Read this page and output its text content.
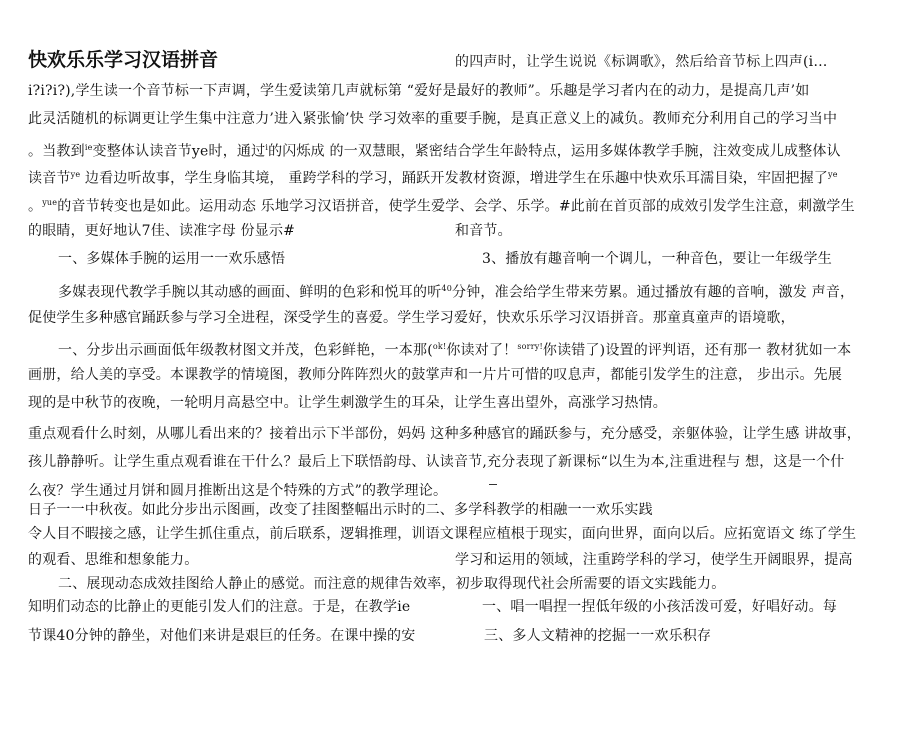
快欢乐乐学习汉语拼音	的四声时，让学生说说《标调歌》，然后给音节标上四声(i…
i?i?i?),学生读一个音节标一下声调，学生爱读第几声就标第 “爱好是最好的教师”。乐趣是学习者内在的动力，是提高几声’如
此灵活随机的标调更让学生集中注意力’进入紧张愉’快 学习效率的重要手腕，是真正意义上的减负。教师充分利用自己的学习当中
。当教到$^{ie}$变整体认读音节ye时，通过$^i$的闪烁成 的一双慧眼，紧密结合学生年龄特点，运用多媒体教学手腕，注效变成儿成整体认
读音节$^{ye}$ 边看边听故事，学生身临其境， 重跨学科的学习，踊跃开发教材资源，增进学生在乐趣中快欢乐耳濡目染，牢固把握了$^{ye}$
。$^{yue}$的音节转变也是如此。运用动态 乐地学习汉语拼音，使学生爱学、会学、乐学。#此前在首页部的成效引发学生注意，刺激学生
的眼睛，更好地认7佳、读准字母 份显示#	和音节。
一、多媒体手腕的运用一一欢乐感悟	3、播放有趣音响一个调儿，一种音色，要让一年级学生
多媒表现代教学手腕以其动感的画面、鲜明的色彩和悦耳的听$^{40}$分钟，准会给学生带来劳累。通过播放有趣的音响，激发 声音，
促使学生多种感官踊跃参与学习全进程，深受学生的喜爱。学生学习爱好，快欢乐乐学习汉语拼音。那童真童声的语境歌，
一、分步出示画面低年级教材图文并茂，色彩鲜艳，一本那($^{ok!}$你读对了！$^{sorry!}$你读错了)设置的评判语，还有那一 教材犹如一本
画册，给人美的享受。本课教学的情境图，教师分阵阵烈火的鼓掌声和一片片可惜的叹息声，都能引发学生的注意， 步出示。先展
现的是中秋节的夜晚，一轮明月高悬空中。让学生刺激学生的耳朵，让学生喜出望外，高涨学习热情。
重点观看什么时刻，从哪儿看出来的？接着出示下半部份，妈妈 这种多种感官的踊跃参与，充分感受，亲躯体验，让学生感 讲故事，
孩儿静静听。让学生重点观看谁在干什么？最后上下联悟韵母、认读音节,充分表现了新课标“以生为本,注重进程与 想，这是一个什
么夜？学生通过月饼和圆月推断出这是个特殊的方式”的教学理论。
日子一一中秋夜。如此分步出示图画，改变了挂图整幅出示时的二、多学科教学的相融一一欢乐实践
令人目不暇接之感，让学生抓住重点，前后联系，逻辑推理，训语文课程应植根于现实，面向世界，面向以后。应拓宽语文 练了学生
的观看、思维和想象能力。	学习和运用的领域，注重跨学科的学习，使学生开阔眼界，提高
二、展现动态成效挂图给人静止的感觉。而注意的规律告效率，初步取得现代社会所需要的语文实践能力。
知明们动态的比静止的更能引发人们的注意。于是，在教学ie	一、唱一唱捏一捏低年级的小孩活泼可爱，好唱好动。每
节课40分钟的静坐，对他们来讲是艰巨的任务。在课中操的安	三、多人文精神的挖掘一一欢乐积存
